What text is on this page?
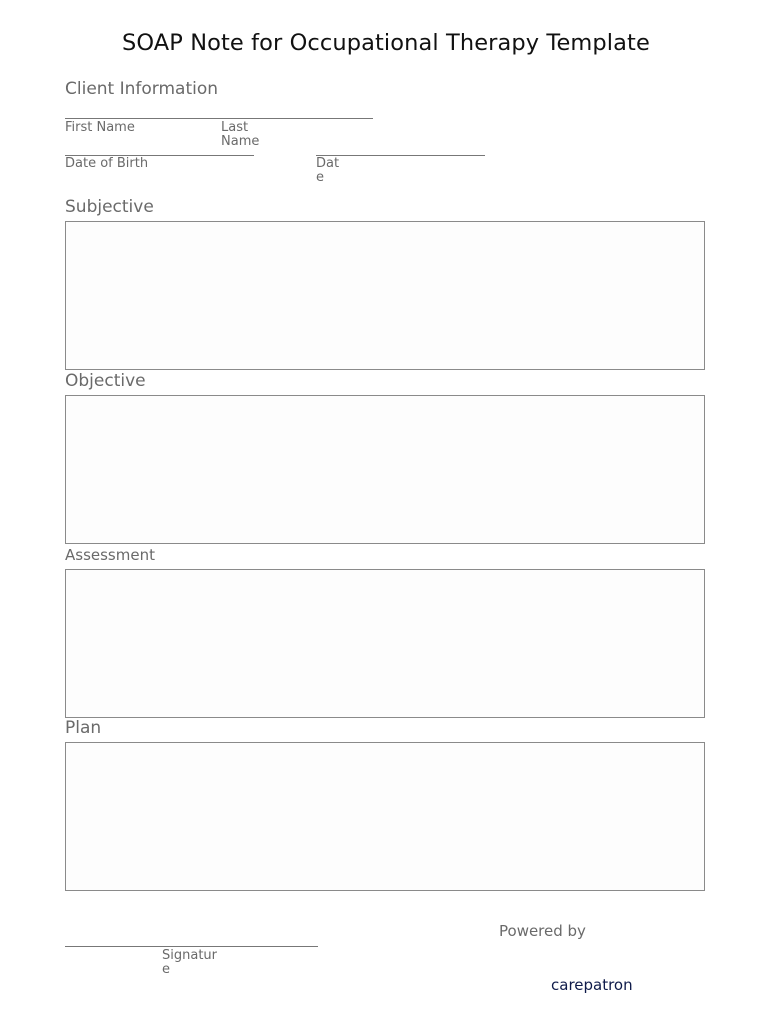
SOAP Note for Occupational Therapy Template
Client Information
First Name	Last
Name
Date of Birth	Dat
e
Subjective
Objective
Assessment
Plan
Powered by
Signatur
e
carepatron
